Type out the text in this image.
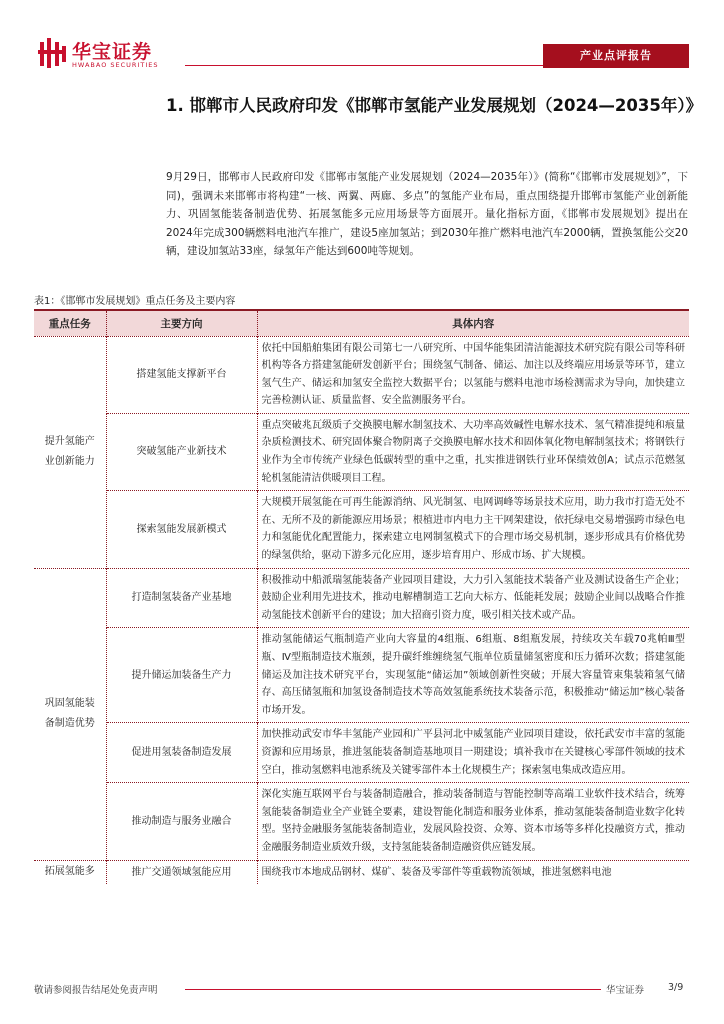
华宝证券
HWABAO SECURITIES
产业点评报告
1. 邯郸市人民政府印发《邯郸市氢能产业发展规划（2024—2035年）》
9月29日，邯郸市人民政府印发《邯郸市氢能产业发展规划（2024—2035年）》(简称“《邯郸市发展规划》”，下同)，强调未来邯郸市将构建“一核、两翼、两廊、多点”的氢能产业布局，重点围绕提升邯郸市氢能产业创新能力、巩固氢能装备制造优势、拓展氢能多元应用场景等方面展开。量化指标方面，《邯郸市发展规划》提出在2024年完成300辆燃料电池汽车推广，建设5座加氢站；到2030年推广燃料电池汽车2000辆，置换氢能公交20辆，建设加氢站33座，绿氢年产能达到600吨等规划。
表1：《邯郸市发展规划》重点任务及主要内容
重点任务	主要方向	具体内容
提升氢能产业创新能力	搭建氢能支撑新平台	依托中国船舶集团有限公司第七一八研究所、中国华能集团清洁能源技术研究院有限公司等科研机构等各方搭建氢能研发创新平台；围绕氢气制备、储运、加注以及终端应用场景等环节，建立氢气生产、储运和加氢安全监控大数据平台；以氢能与燃料电池市场检测需求为导向，加快建立完善检测认证、质量监督、安全监测服务平台。
	突破氢能产业新技术	重点突破兆瓦级质子交换膜电解水制氢技术、大功率高效碱性电解水技术、氢气精准提纯和痕量杂质检测技术、研究固体聚合物阴离子交换膜电解水技术和固体氧化物电解制氢技术；将钢铁行业作为全市传统产业绿色低碳转型的重中之重，扎实推进钢铁行业环保绩效创A；试点示范燃氢轮机氢能清洁供暖项目工程。
	探索氢能发展新模式	大规模开展氢能在可再生能源消纳、风光制氢、电网调峰等场景技术应用，助力我市打造无处不在、无所不及的新能源应用场景；根植进市内电力主干网架建设，依托绿电交易增强跨市绿色电力和氢能优化配置能力，探索建立电网制氢模式下的合理市场交易机制，逐步形成具有价格优势的绿氢供给，驱动下游多元化应用，逐步培育用户、形成市场、扩大规模。
巩固氢能装备制造优势	打造制氢装备产业基地	积极推动中船派瑞氢能装备产业园项目建设，大力引入氢能技术装备产业及测试设备生产企业；鼓励企业利用先进技术，推动电解槽制造工艺向大标方、低能耗发展；鼓励企业间以战略合作推动氢能技术创新平台的建设；加大招商引资力度，吸引相关技术或产品。
	提升储运加装备生产力	推动氢能储运气瓶制造产业向大容量的4组瓶、6组瓶、8组瓶发展，持续攻关车载70兆帕Ⅲ型瓶、Ⅳ型瓶制造技术瓶颈，提升碳纤维缠绕氢气瓶单位质量储氢密度和压力循环次数；搭建氢能储运及加注技术研究平台，实现氢能“储运加”领域创新性突破；开展大容量管束集装箱氢气储存、高压储氢瓶和加氢设备制造技术等高效氢能系统技术装备示范，积极推动“储运加”核心装备市场开发。
	促进用氢装备制造发展	加快推动武安市华丰氢能产业园和广平县河北中威氢能产业园项目建设，依托武安市丰富的氢能资源和应用场景，推进氢能装备制造基地项目一期建设；填补我市在关键核心零部件领域的技术空白，推动氢燃料电池系统及关键零部件本土化规模生产；探索氢电集成改造应用。
	推动制造与服务业融合	深化实施互联网平台与装备制造融合，推动装备制造与智能控制等高端工业软件技术结合，统筹氢能装备制造业全产业链全要素，建设智能化制造和服务业体系，推动氢能装备制造业数字化转型。坚持金融服务氢能装备制造业，发展风险投资、众筹、资本市场等多样化投融资方式，推动金融服务制造业质效升级，支持氢能装备制造融资供应链发展。
拓展氢能多	推广交通领域氢能应用	围绕我市本地成品钢材、煤矿、装备及零部件等重载物流领域，推进氢燃料电池
敬请参阅报告结尾处免责声明	华宝证券	3/9
